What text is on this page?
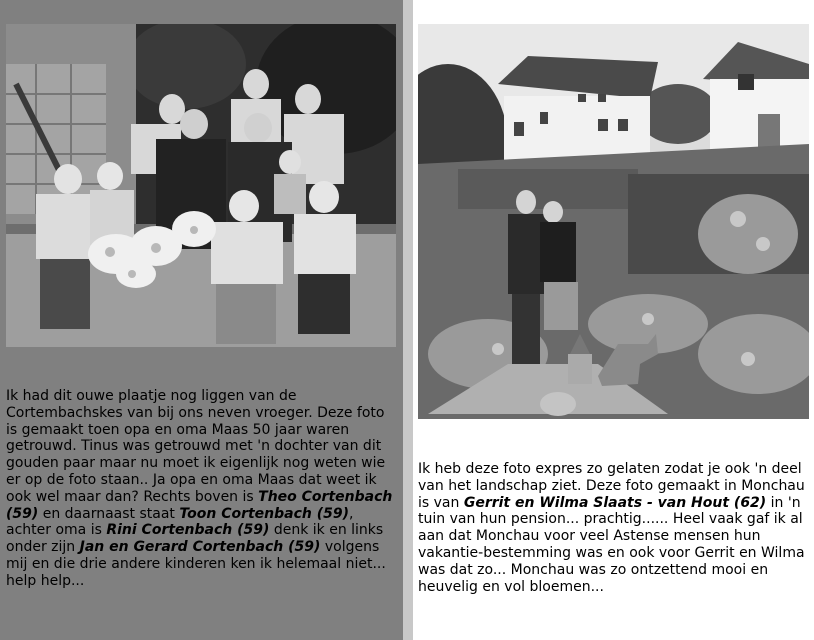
Ik had dit ouwe plaatje nog liggen van de Cortembachskes van bij ons neven vroeger. Deze foto is gemaakt toen opa en oma Maas 50 jaar waren getrouwd. Tinus was getrouwd met 'n dochter van dit gouden paar maar nu moet ik eigenlijk nog weten wie er op de foto staan.. Ja opa en oma Maas dat weet ik ook wel maar dan? Rechts boven is Theo Cortenbach (59) en daarnaast staat Toon Cortenbach (59), achter oma is Rini Cortenbach (59) denk ik en links onder zijn Jan en Gerard Cortenbach (59) volgens mij en die drie andere kinderen ken ik helemaal niet... help help...

Ik heb deze foto expres zo gelaten zodat je ook 'n deel van het landschap ziet. Deze foto gemaakt in Monchau is van Gerrit en Wilma Slaats - van Hout (62) in 'n tuin van hun pension... prachtig...... Heel vaak gaf ik al aan dat Monchau voor veel Astense mensen hun vakantie-bestemming was en ook voor Gerrit en Wilma was dat zo... Monchau was zo ontzettend mooi en heuvelig en vol bloemen...
